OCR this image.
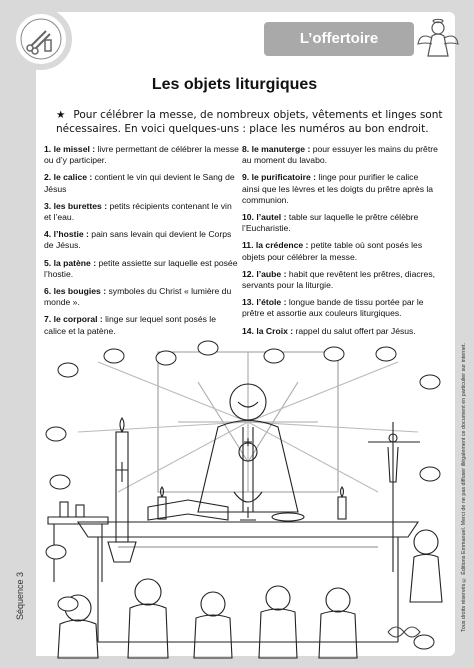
L’offertoire
Les objets liturgiques
★ Pour célébrer la messe, de nombreux objets, vêtements et linges sont nécessaires. En voici quelques-uns : place les numéros au bon endroit.
1. le missel : livre permettant de célébrer la messe ou d’y participer.
2. le calice : contient le vin qui devient le Sang de Jésus
3. les burettes : petits récipients contenant le vin et l’eau.
4. l’hostie : pain sans levain qui devient le Corps de Jésus.
5. la patène : petite assiette sur laquelle est posée l’hostie.
6. les bougies : symboles du Christ « lumière du monde ».
7. le corporal : linge sur lequel sont posés le calice et la patène.
8. le manuterge : pour essuyer les mains du prêtre au moment du lavabo.
9. le purificatoire : linge pour purifier le calice ainsi que les lèvres et les doigts du prêtre après la communion.
10. l’autel : table sur laquelle le prêtre célèbre l’Eucharistie.
11. la crédence : petite table où sont posés les objets pour célébrer la messe.
12. l’aube : habit que revêtent les prêtres, diacres, servants pour la liturgie.
13. l’étole : longue bande de tissu portée par le prêtre et assortie aux couleurs liturgiques.
14. la Croix : rappel du salut offert par Jésus.
Séquence 3	Tous droits réservés © Éditions Emmanuel. Merci de ne pas diffuser illégalement ce document en particulier sur internet.
